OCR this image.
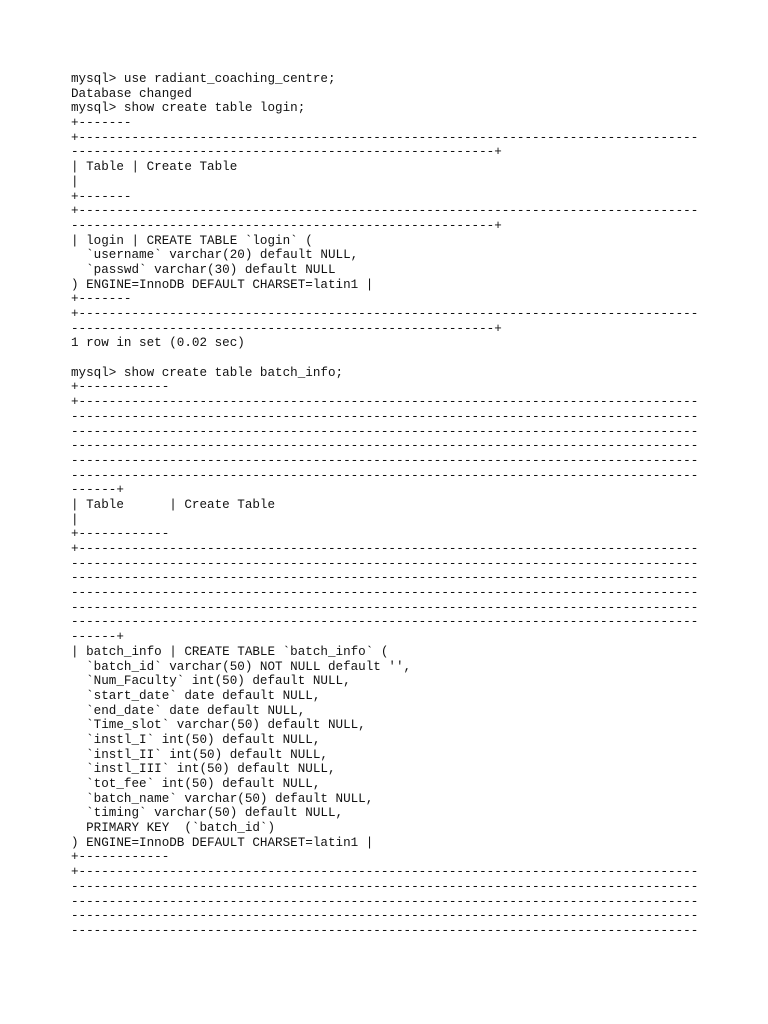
mysql> use radiant_coaching_centre;
Database changed
mysql> show create table login;
+-------
+----------------------------------------------------------------------------------
--------------------------------------------------------+
| Table | Create Table
|
+-------
+----------------------------------------------------------------------------------
--------------------------------------------------------+
| login | CREATE TABLE `login` (
`username` varchar(20) default NULL,
`passwd` varchar(30) default NULL
) ENGINE=InnoDB DEFAULT CHARSET=latin1 |
+-------
+----------------------------------------------------------------------------------
--------------------------------------------------------+
1 row in set (0.02 sec)
mysql> show create table batch_info;
+------------
+----------------------------------------------------------------------------------
-----------------------------------------------------------------------------------
-----------------------------------------------------------------------------------
-----------------------------------------------------------------------------------
-----------------------------------------------------------------------------------
-----------------------------------------------------------------------------------
------+
| Table      | Create Table
|
+------------
+----------------------------------------------------------------------------------
-----------------------------------------------------------------------------------
-----------------------------------------------------------------------------------
-----------------------------------------------------------------------------------
-----------------------------------------------------------------------------------
-----------------------------------------------------------------------------------
------+
| batch_info | CREATE TABLE `batch_info` (
`batch_id` varchar(50) NOT NULL default '',
`Num_Faculty` int(50) default NULL,
`start_date` date default NULL,
`end_date` date default NULL,
`Time_slot` varchar(50) default NULL,
`instl_I` int(50) default NULL,
`instl_II` int(50) default NULL,
`instl_III` int(50) default NULL,
`tot_fee` int(50) default NULL,
`batch_name` varchar(50) default NULL,
`timing` varchar(50) default NULL,
PRIMARY KEY  (`batch_id`)
) ENGINE=InnoDB DEFAULT CHARSET=latin1 |
+------------
+----------------------------------------------------------------------------------
-----------------------------------------------------------------------------------
-----------------------------------------------------------------------------------
-----------------------------------------------------------------------------------
-----------------------------------------------------------------------------------
